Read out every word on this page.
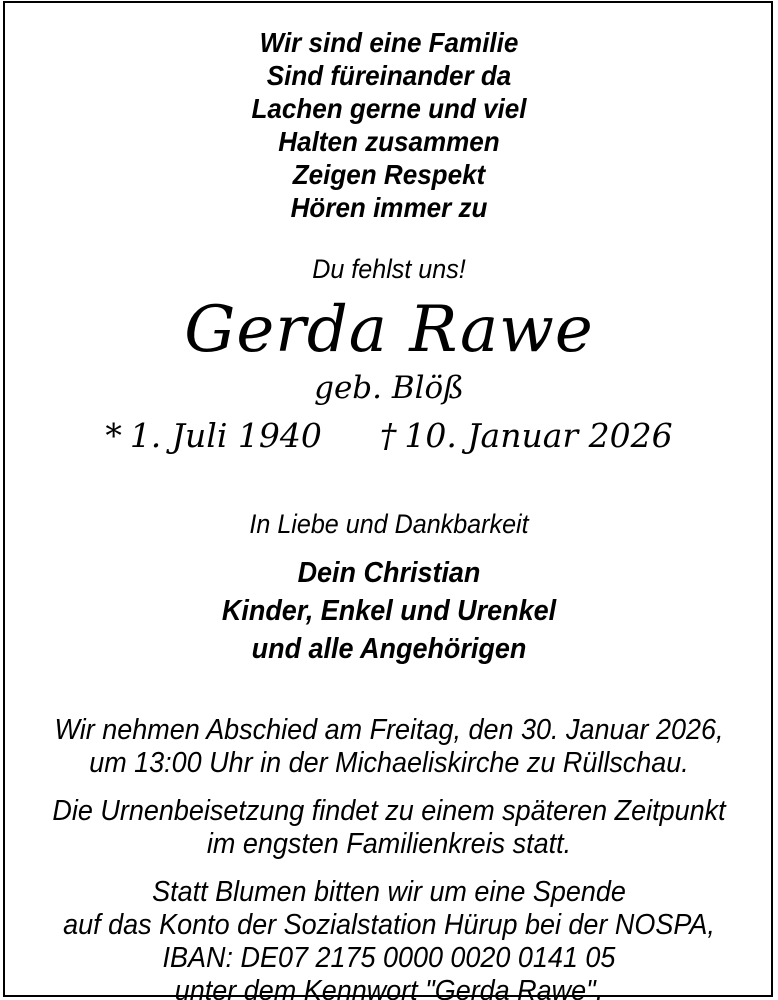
Wir sind eine Familie
Sind füreinander da
Lachen gerne und viel
Halten zusammen
Zeigen Respekt
Hören immer zu
Du fehlst uns!
Gerda Rawe
geb. Blöß
* 1. Juli 1940 † 10. Januar 2026
In Liebe und Dankbarkeit
Dein Christian
Kinder, Enkel und Urenkel
und alle Angehörigen
Wir nehmen Abschied am Freitag, den 30. Januar 2026,
um 13:00 Uhr in der Michaeliskirche zu Rüllschau.
Die Urnenbeisetzung findet zu einem späteren Zeitpunkt
im engsten Familienkreis statt.
Statt Blumen bitten wir um eine Spende
auf das Konto der Sozialstation Hürup bei der NOSPA,
IBAN: DE07 2175 0000 0020 0141 05
unter dem Kennwort "Gerda Rawe".
